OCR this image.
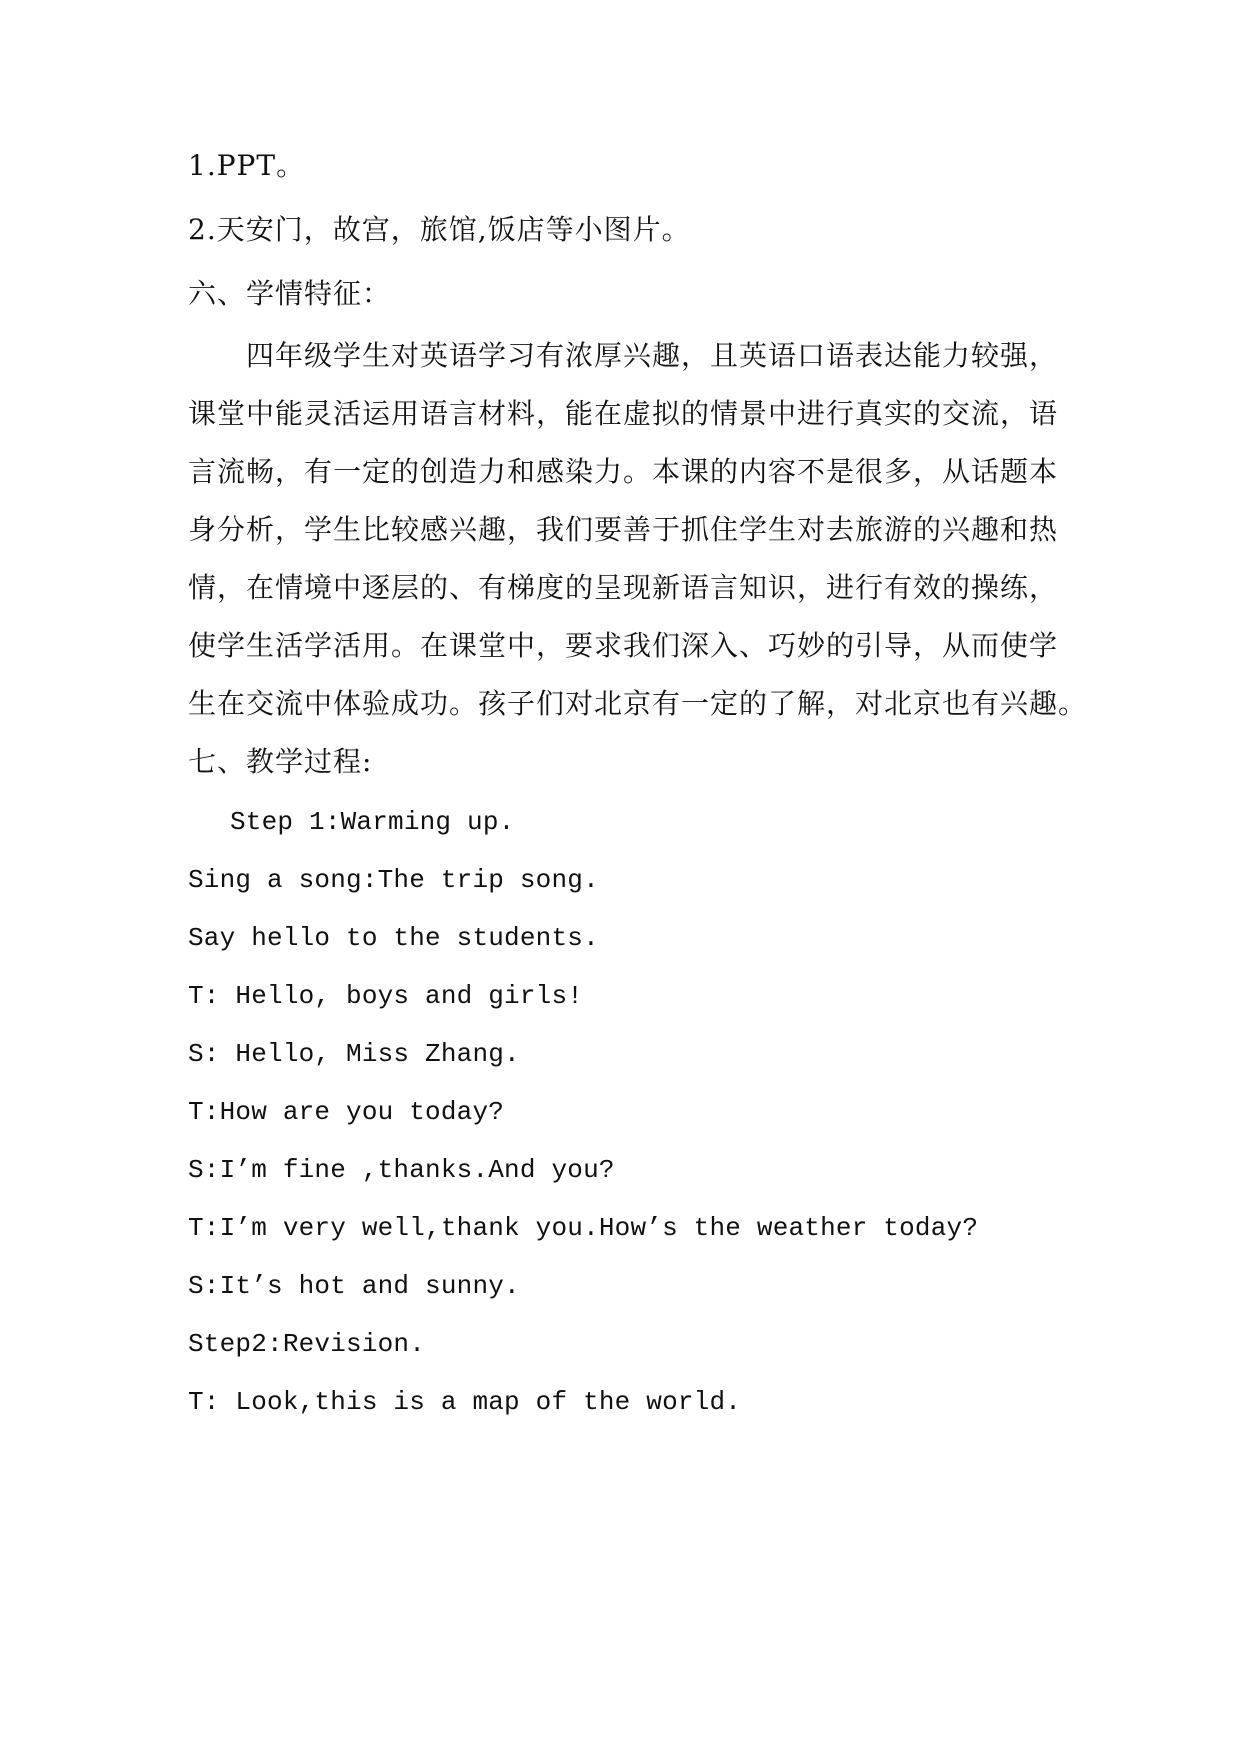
1.PPT。
2.天安门，故宫，旅馆,饭店等小图片。
六、学情特征：
四年级学生对英语学习有浓厚兴趣，且英语口语表达能力较强，
课堂中能灵活运用语言材料，能在虚拟的情景中进行真实的交流，语
言流畅，有一定的创造力和感染力。本课的内容不是很多，从话题本
身分析，学生比较感兴趣，我们要善于抓住学生对去旅游的兴趣和热
情，在情境中逐层的、有梯度的呈现新语言知识，进行有效的操练，
使学生活学活用。在课堂中，要求我们深入、巧妙的引导，从而使学
生在交流中体验成功。孩子们对北京有一定的了解，对北京也有兴趣。
七、教学过程:
Step 1:Warming up.
Sing a song:The trip song.
Say hello to the students.
T: Hello, boys and girls!
S: Hello, Miss Zhang.
T:How are you today?
S:I’m fine ,thanks.And you?
T:I’m very well,thank you.How’s the weather today?
S:It’s hot and sunny.
Step2:Revision.
T: Look,this is a map of the world.
